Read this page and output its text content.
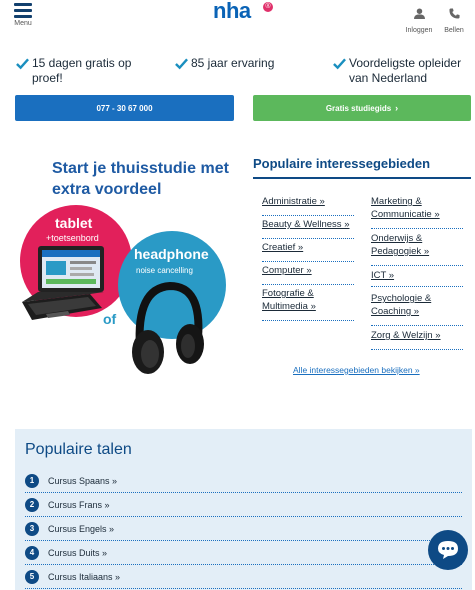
Menu
nha	®
Inloggen	Bellen
15 dagen gratis op proef!
85 jaar ervaring	Voordeligste opleider van Nederland
077 - 30 67 000	Gratis studiegids ›
Start je thuisstudie met extra voordeel
tablet
+toetsenbord
headphone
noise cancelling
of
Populaire interessegebieden
Administratie »
Beauty & Wellness »
Creatief »
Computer »
Fotografie & Multimedia »
Marketing & Communicatie »
Onderwijs & Pedagogiek »
ICT »
Psychologie & Coaching »
Zorg & Welzijn »
Alle interessegebieden bekijken »
Populaire talen
1	Cursus Spaans »
2	Cursus Frans »
3	Cursus Engels »
4	Cursus Duits »
5	Cursus Italiaans »
